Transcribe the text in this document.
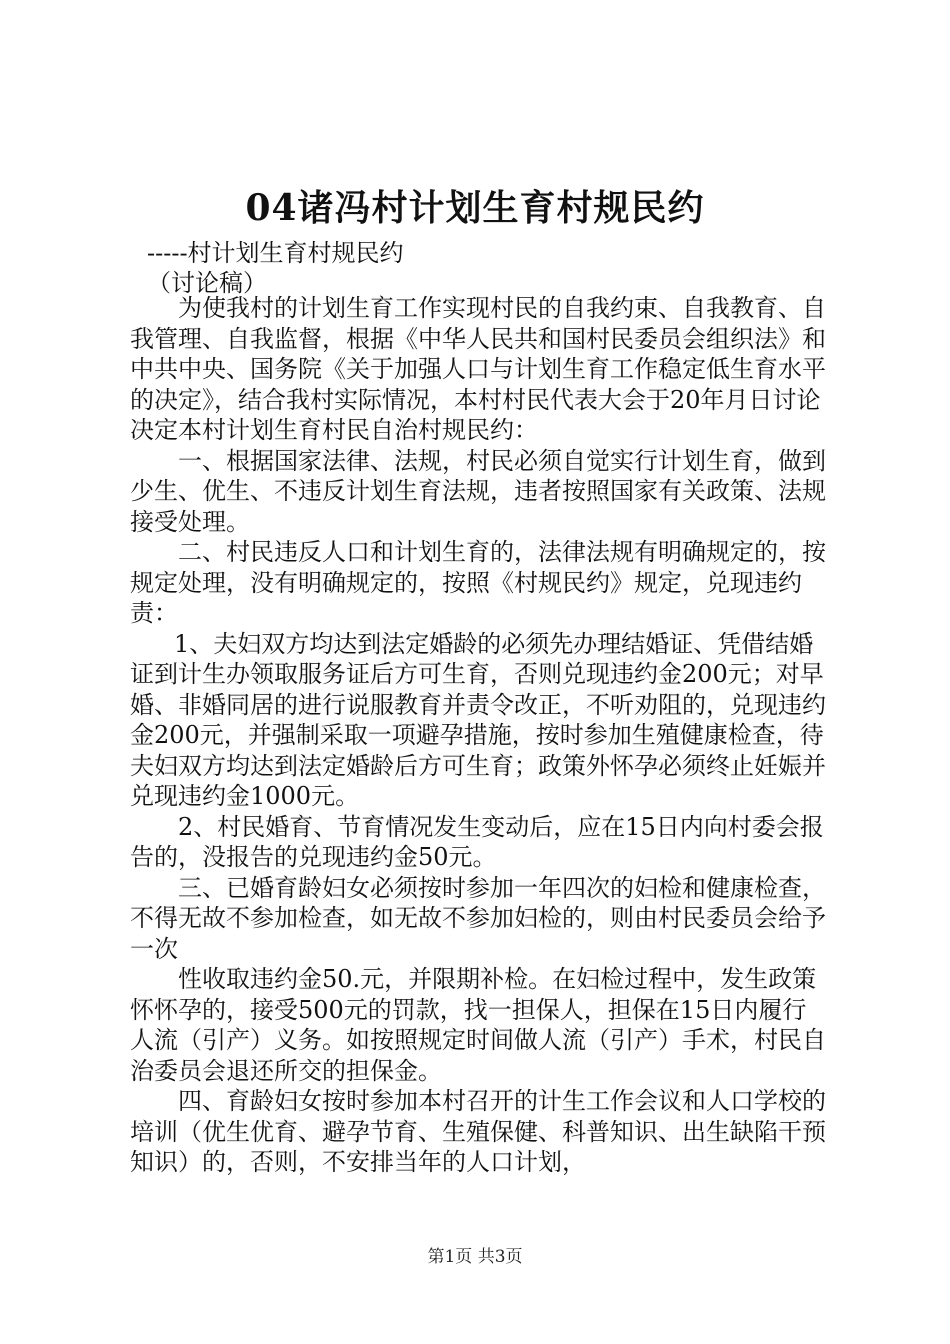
04诸冯村计划生育村规民约
-----村计划生育村规民约
（讨论稿）

为使我村的计划生育工作实现村民的自我约束、自我教育、自我管理、自我监督，根据《中华人民共和国村民委员会组织法》和中共中央、国务院《关于加强人口与计划生育工作稳定低生育水平的决定》，结合我村实际情况，本村村民代表大会于20年月日讨论决定本村计划生育村民自治村规民约：

一、根据国家法律、法规，村民必须自觉实行计划生育，做到少生、优生、不违反计划生育法规，违者按照国家有关政策、法规接受处理。

二、村民违反人口和计划生育的，法律法规有明确规定的，按规定处理，没有明确规定的，按照《村规民约》规定，兑现违约责：

1、夫妇双方均达到法定婚龄的必须先办理结婚证、凭借结婚证到计生办领取服务证后方可生育，否则兑现违约金200元；对早婚、非婚同居的进行说服教育并责令改正，不听劝阻的，兑现违约金200元，并强制采取一项避孕措施，按时参加生殖健康检查，待夫妇双方均达到法定婚龄后方可生育；政策外怀孕必须终止妊娠并兑现违约金1000元。

2、村民婚育、节育情况发生变动后，应在15日内向村委会报告的，没报告的兑现违约金50元。

三、已婚育龄妇女必须按时参加一年四次的妇检和健康检查，不得无故不参加检查，如无故不参加妇检的，则由村民委员会给予一次

性收取违约金50.元，并限期补检。在妇检过程中，发生政策怀怀孕的，接受500元的罚款，找一担保人，担保在15日内履行人流（引产）义务。如按照规定时间做人流（引产）手术，村民自治委员会退还所交的担保金。

四、育龄妇女按时参加本村召开的计生工作会议和人口学校的培训（优生优育、避孕节育、生殖保健、科普知识、出生缺陷干预知识）的，否则，不安排当年的人口计划，

第1页 共3页
